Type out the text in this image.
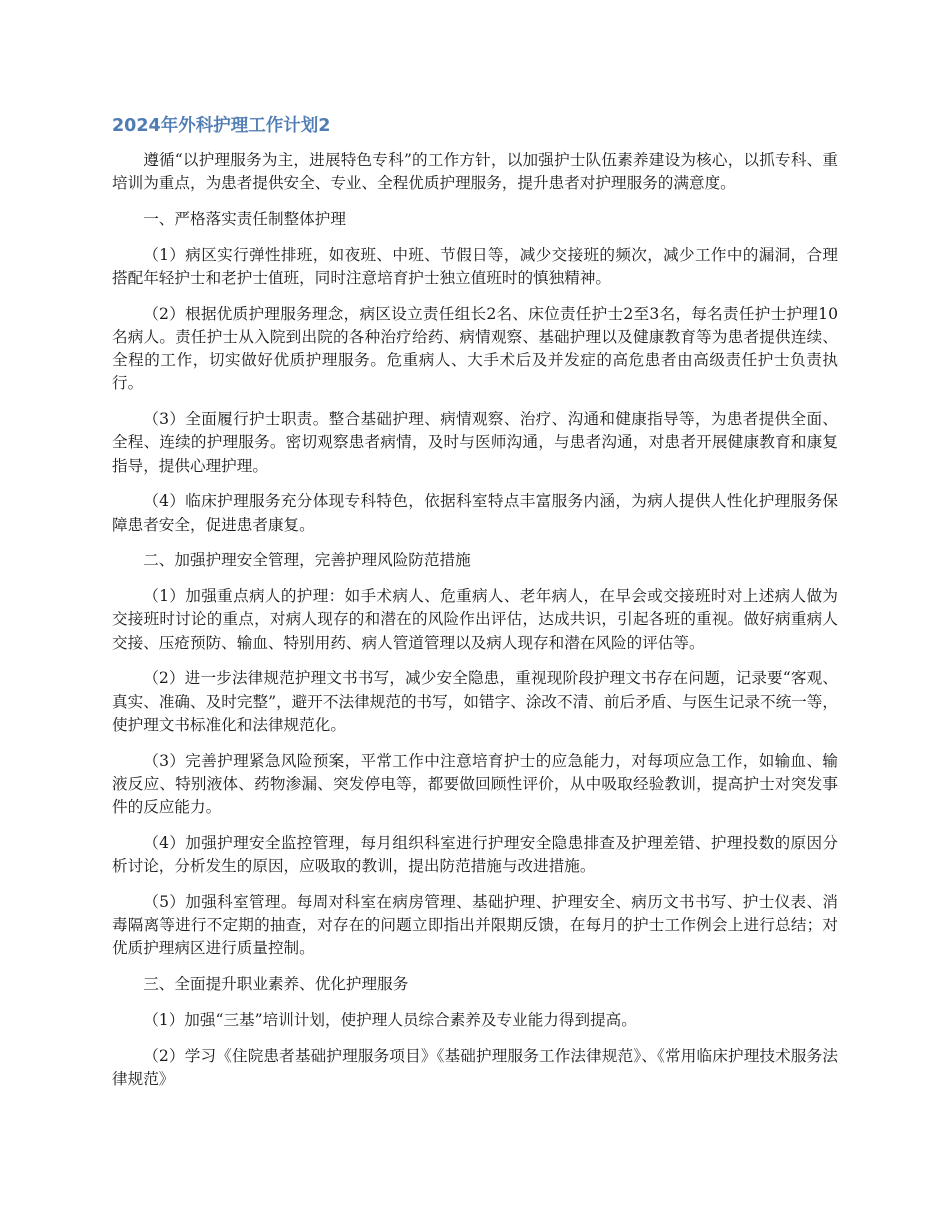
2024年外科护理工作计划2

遵循“以护理服务为主，进展特色专科”的工作方针，以加强护士队伍素养建设为核心，以抓专科、重培训为重点，为患者提供安全、专业、全程优质护理服务，提升患者对护理服务的满意度。

一、严格落实责任制整体护理

（1）病区实行弹性排班，如夜班、中班、节假日等，减少交接班的频次，减少工作中的漏洞，合理搭配年轻护士和老护士值班，同时注意培育护士独立值班时的慎独精神。

（2）根据优质护理服务理念，病区设立责任组长2名、床位责任护士2至3名，每名责任护士护理10名病人。责任护士从入院到出院的各种治疗给药、病情观察、基础护理以及健康教育等为患者提供连续、全程的工作，切实做好优质护理服务。危重病人、大手术后及并发症的高危患者由高级责任护士负责执行。

（3）全面履行护士职责。整合基础护理、病情观察、治疗、沟通和健康指导等，为患者提供全面、全程、连续的护理服务。密切观察患者病情，及时与医师沟通，与患者沟通，对患者开展健康教育和康复指导，提供心理护理。

（4）临床护理服务充分体现专科特色，依据科室特点丰富服务内涵，为病人提供人性化护理服务保障患者安全，促进患者康复。

二、加强护理安全管理，完善护理风险防范措施

（1）加强重点病人的护理：如手术病人、危重病人、老年病人，在早会或交接班时对上述病人做为交接班时讨论的重点，对病人现存的和潜在的风险作出评估，达成共识，引起各班的重视。做好病重病人交接、压疮预防、输血、特别用药、病人管道管理以及病人现存和潜在风险的评估等。

（2）进一步法律规范护理文书书写，减少安全隐患，重视现阶段护理文书存在问题，记录要“客观、真实、准确、及时完整”，避开不法律规范的书写，如错字、涂改不清、前后矛盾、与医生记录不统一等，使护理文书标准化和法律规范化。

（3）完善护理紧急风险预案，平常工作中注意培育护士的应急能力，对每项应急工作，如输血、输液反应、特别液体、药物渗漏、突发停电等，都要做回顾性评价，从中吸取经验教训，提高护士对突发事件的反应能力。

（4）加强护理安全监控管理，每月组织科室进行护理安全隐患排查及护理差错、护理投数的原因分析讨论，分析发生的原因，应吸取的教训，提出防范措施与改进措施。

（5）加强科室管理。每周对科室在病房管理、基础护理、护理安全、病历文书书写、护士仪表、消毒隔离等进行不定期的抽查，对存在的问题立即指出并限期反馈，在每月的护士工作例会上进行总结；对优质护理病区进行质量控制。

三、全面提升职业素养、优化护理服务

（1）加强“三基”培训计划，使护理人员综合素养及专业能力得到提高。

（2）学习《住院患者基础护理服务项目》《基础护理服务工作法律规范》、《常用临床护理技术服务法律规范》
